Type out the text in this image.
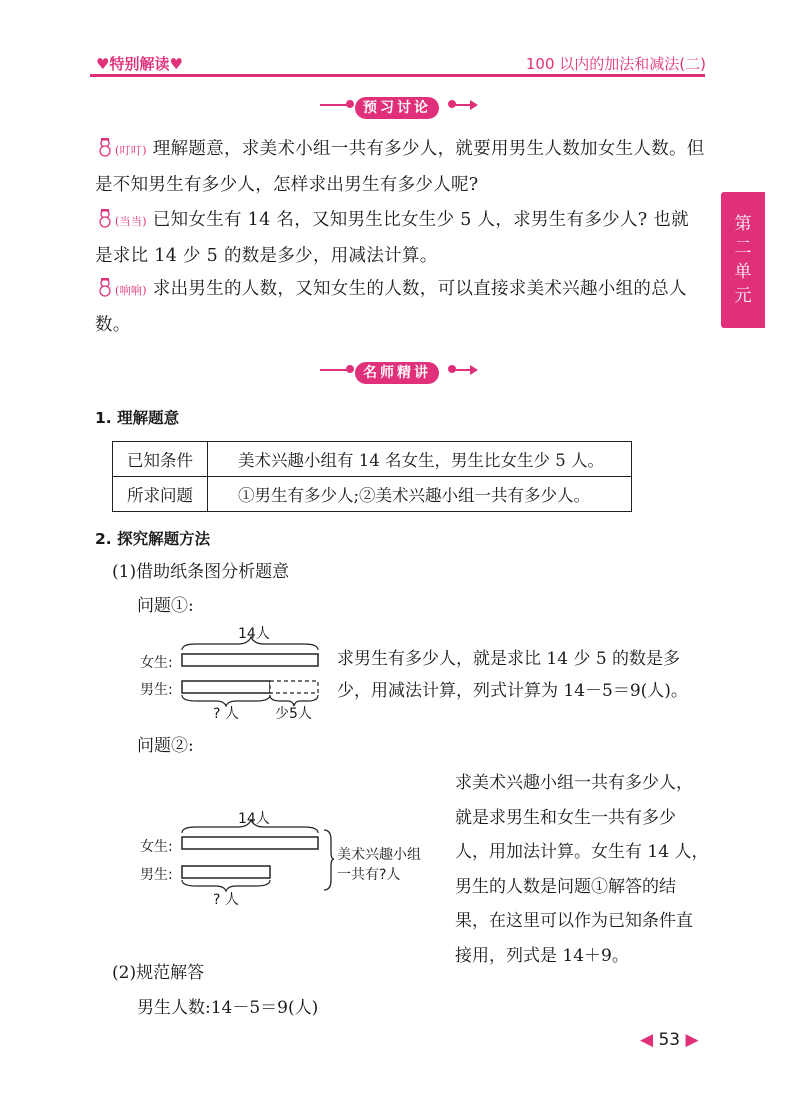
♥特别解读♥	100 以内的加法和减法(二)
第
二
单
元
预习讨论
(叮叮) 理解题意，求美术小组一共有多少人，就要用男生人数加女生人数。但是不知男生有多少人，怎样求出男生有多少人呢?
(当当) 已知女生有 14 名，又知男生比女生少 5 人，求男生有多少人? 也就是求比 14 少 5 的数是多少，用减法计算。
(响响) 求出男生的人数，又知女生的人数，可以直接求美术兴趣小组的总人数。
名师精讲
1. 理解题意
已知条件	美术兴趣小组有 14 名女生，男生比女生少 5 人。
所求问题	①男生有多少人;②美术兴趣小组一共有多少人。
2. 探究解题方法
(1)借助纸条图分析题意
问题①:
14人
女生:
男生:
? 人	少5人
求男生有多少人，就是求比 14 少 5 的数是多
少，用减法计算，列式计算为 14－5＝9(人)。
问题②:
14人
女生:
男生:
? 人
美术兴趣小组
一共有?人
求美术兴趣小组一共有多少人，
就是求男生和女生一共有多少
人，用加法计算。女生有 14 人，
男生的人数是问题①解答的结
果，在这里可以作为已知条件直
接用，列式是 14＋9。
(2)规范解答
男生人数:14－5＝9(人)
◀ 53 ▶
